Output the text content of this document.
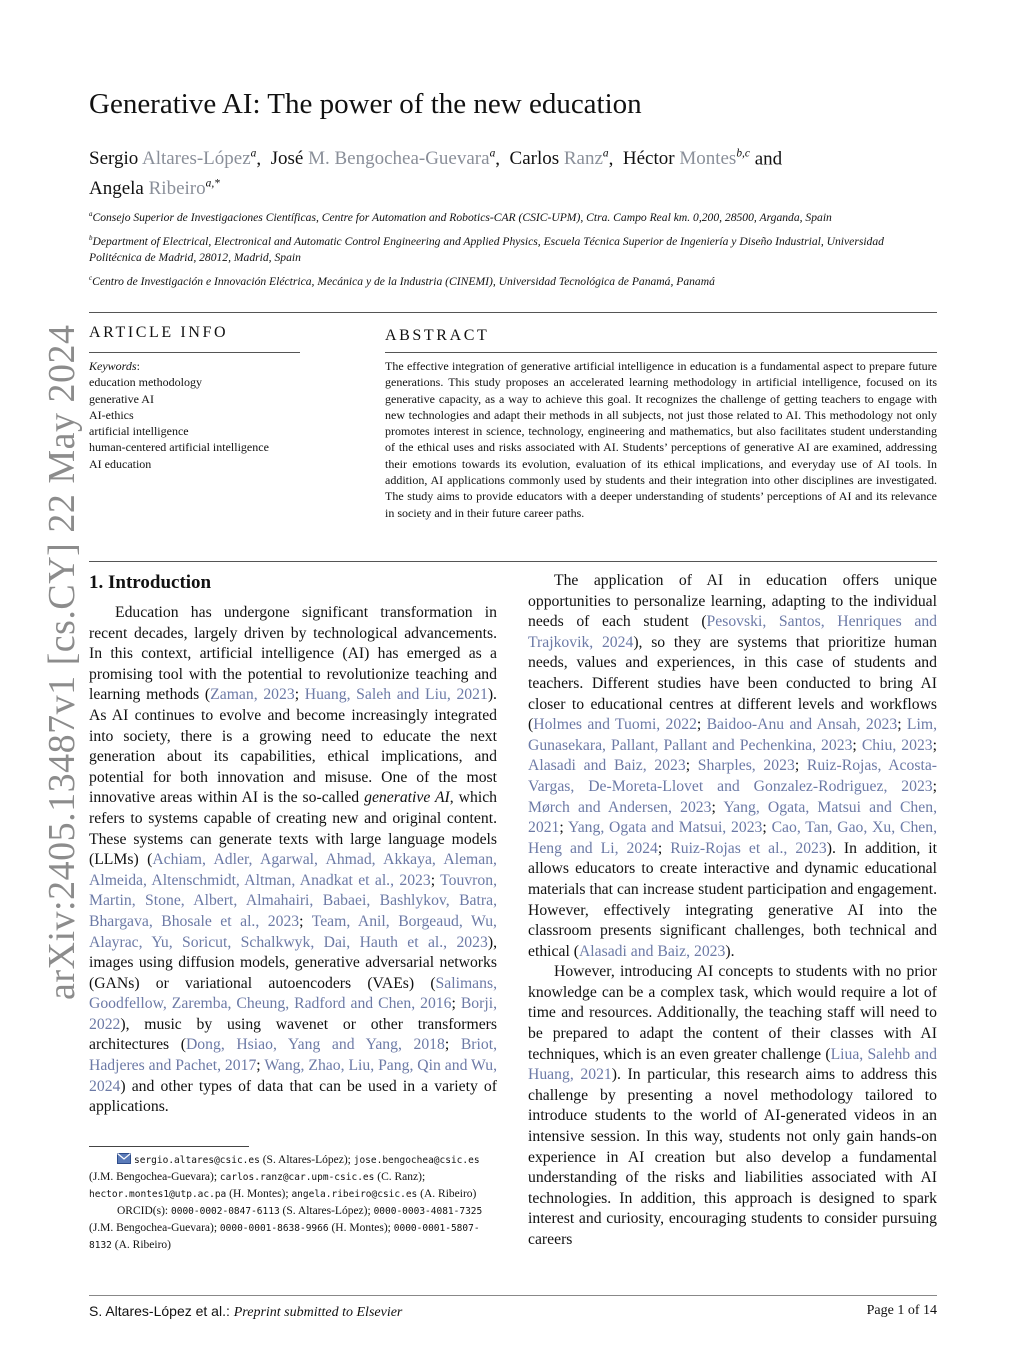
arXiv:2405.13487v1 [cs.CY] 22 May 2024
Generative AI: The power of the new education
Sergio Altares-López$^a$,  José M. Bengochea-Guevara$^a$,  Carlos Ranz$^a$,  Héctor Montes$^{b,c}$ and
Angela Ribeiro$^{a,*}$
$^a$Consejo Superior de Investigaciones Científicas, Centre for Automation and Robotics-CAR (CSIC-UPM), Ctra. Campo Real km. 0,200, 28500, Arganda, Spain
$^b$Department of Electrical, Electronical and Automatic Control Engineering and Applied Physics, Escuela Técnica Superior de Ingeniería y Diseño Industrial, Universidad Politécnica de Madrid, 28012, Madrid, Spain
$^c$Centro de Investigación e Innovación Eléctrica, Mecánica y de la Industria (CINEMI), Universidad Tecnológica de Panamá, Panamá
ARTICLE INFO	ABSTRACT
Keywords:
education methodology
generative AI
AI-ethics
artificial intelligence
human-centered artificial intelligence
AI education
The effective integration of generative artificial intelligence in education is a fundamental aspect to prepare future generations. This study proposes an accelerated learning methodology in artificial intelligence, focused on its generative capacity, as a way to achieve this goal. It recognizes the challenge of getting teachers to engage with new technologies and adapt their methods in all subjects, not just those related to AI. This methodology not only promotes interest in science, technology, engineering and mathematics, but also facilitates student understanding of the ethical uses and risks associated with AI. Students’ perceptions of generative AI are examined, addressing their emotions towards its evolution, evaluation of its ethical implications, and everyday use of AI tools. In addition, AI applications commonly used by students and their integration into other disciplines are investigated. The study aims to provide educators with a deeper understanding of students’ perceptions of AI and its relevance in society and in their future career paths.
1. Introduction

Education has undergone significant transformation in recent decades, largely driven by technological advancements. In this context, artificial intelligence (AI) has emerged as a promising tool with the potential to revolutionize teaching and learning methods (Zaman, 2023; Huang, Saleh and Liu, 2021). As AI continues to evolve and become increasingly integrated into society, there is a growing need to educate the next generation about its capabilities, ethical implications, and potential for both innovation and misuse. One of the most innovative areas within AI is the so-called generative AI, which refers to systems capable of creating new and original content. These systems can generate texts with large language models (LLMs) (Achiam, Adler, Agarwal, Ahmad, Akkaya, Aleman, Almeida, Altenschmidt, Altman, Anadkat et al., 2023; Touvron, Martin, Stone, Albert, Almahairi, Babaei, Bashlykov, Batra, Bhargava, Bhosale et al., 2023; Team, Anil, Borgeaud, Wu, Alayrac, Yu, Soricut, Schalkwyk, Dai, Hauth et al., 2023), images using diffusion models, generative adversarial networks (GANs) or variational autoencoders (VAEs) (Salimans, Goodfellow, Zaremba, Cheung, Radford and Chen, 2016; Borji, 2022), music by using wavenet or other transformers architectures (Dong, Hsiao, Yang and Yang, 2018; Briot, Hadjeres and Pachet, 2017; Wang, Zhao, Liu, Pang, Qin and Wu, 2024) and other types of data that can be used in a variety of applications.

sergio.altares@csic.es (S. Altares-López); jose.bengochea@csic.es (J.M. Bengochea-Guevara); carlos.ranz@car.upm-csic.es (C. Ranz); hector.montes1@utp.ac.pa (H. Montes); angela.ribeiro@csic.es (A. Ribeiro)
ORCID(s): 0000-0002-0847-6113 (S. Altares-López); 0000-0003-4081-7325 (J.M. Bengochea-Guevara); 0000-0001-8638-9966 (H. Montes); 0000-0001-5807-8132 (A. Ribeiro)

The application of AI in education offers unique opportunities to personalize learning, adapting to the individual needs of each student (Pesovski, Santos, Henriques and Trajkovik, 2024), so they are systems that prioritize human needs, values and experiences, in this case of students and teachers. Different studies have been conducted to bring AI closer to educational centres at different levels and workflows (Holmes and Tuomi, 2022; Baidoo-Anu and Ansah, 2023; Lim, Gunasekara, Pallant, Pallant and Pechenkina, 2023; Chiu, 2023; Alasadi and Baiz, 2023; Sharples, 2023; Ruiz-Rojas, Acosta-Vargas, De-Moreta-Llovet and Gonzalez-Rodriguez, 2023; Mørch and Andersen, 2023; Yang, Ogata, Matsui and Chen, 2021; Yang, Ogata and Matsui, 2023; Cao, Tan, Gao, Xu, Chen, Heng and Li, 2024; Ruiz-Rojas et al., 2023). In addition, it allows educators to create interactive and dynamic educational materials that can increase student participation and engagement. However, effectively integrating generative AI into the classroom presents significant challenges, both technical and ethical (Alasadi and Baiz, 2023).

However, introducing AI concepts to students with no prior knowledge can be a complex task, which would require a lot of time and resources. Additionally, the teaching staff will need to be prepared to adapt the content of their classes with AI techniques, which is an even greater challenge (Liua, Salehb and Huang, 2021). In particular, this research aims to address this challenge by presenting a novel methodology tailored to introduce students to the world of AI-generated videos in an intensive session. In this way, students not only gain hands-on experience in AI creation but also develop a fundamental understanding of the risks and liabilities associated with AI technologies. In addition, this approach is designed to spark interest and curiosity, encouraging students to consider pursuing careers

S. Altares-López et al.: Preprint submitted to Elsevier	Page 1 of 14
